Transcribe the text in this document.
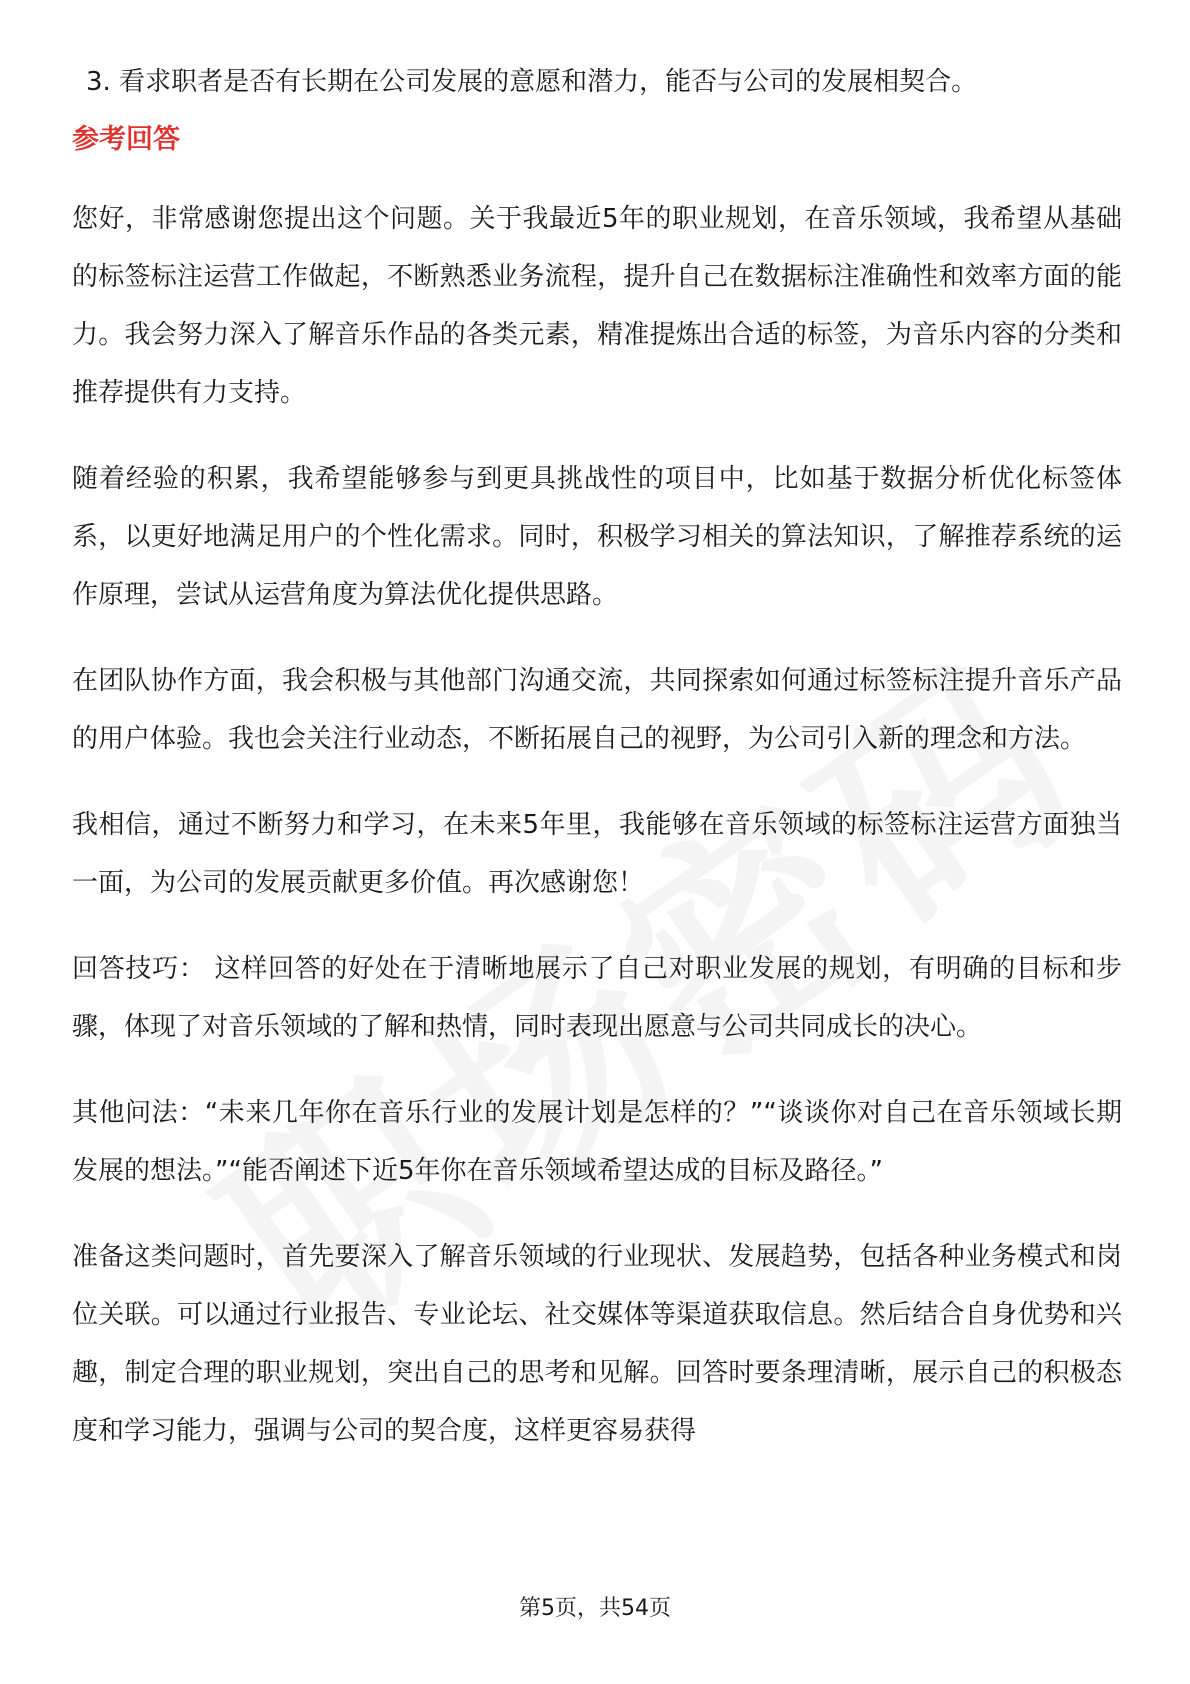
3. 看求职者是否有长期在公司发展的意愿和潜力，能否与公司的发展相契合。
参考回答
您好，非常感谢您提出这个问题。关于我最近5年的职业规划，在音乐领域，我希望从基础的标签标注运营工作做起，不断熟悉业务流程，提升自己在数据标注准确性和效率方面的能力。我会努力深入了解音乐作品的各类元素，精准提炼出合适的标签，为音乐内容的分类和推荐提供有力支持。
随着经验的积累，我希望能够参与到更具挑战性的项目中，比如基于数据分析优化标签体系，以更好地满足用户的个性化需求。同时，积极学习相关的算法知识，了解推荐系统的运作原理，尝试从运营角度为算法优化提供思路。
在团队协作方面，我会积极与其他部门沟通交流，共同探索如何通过标签标注提升音乐产品的用户体验。我也会关注行业动态，不断拓展自己的视野，为公司引入新的理念和方法。
我相信，通过不断努力和学习，在未来5年里，我能够在音乐领域的标签标注运营方面独当一面，为公司的发展贡献更多价值。再次感谢您！
回答技巧： 这样回答的好处在于清晰地展示了自己对职业发展的规划，有明确的目标和步骤，体现了对音乐领域的了解和热情，同时表现出愿意与公司共同成长的决心。
其他问法：“未来几年你在音乐行业的发展计划是怎样的？”“谈谈你对自己在音乐领域长期发展的想法。”“能否阐述下近5年你在音乐领域希望达成的目标及路径。”
准备这类问题时，首先要深入了解音乐领域的行业现状、发展趋势，包括各种业务模式和岗位关联。可以通过行业报告、专业论坛、社交媒体等渠道获取信息。然后结合自身优势和兴趣，制定合理的职业规划，突出自己的思考和见解。回答时要条理清晰，展示自己的积极态度和学习能力，强调与公司的契合度，这样更容易获得
第5页，共54页
